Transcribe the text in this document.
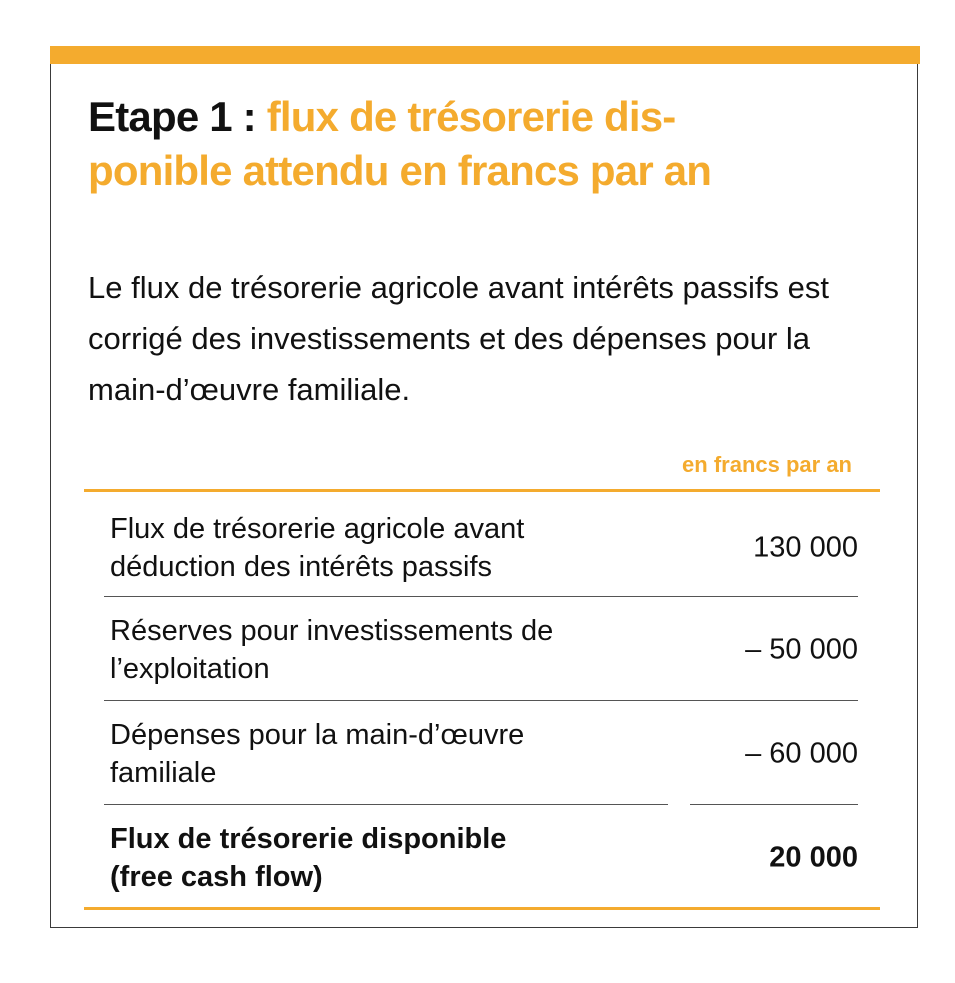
Etape 1 : flux de trésorerie dis-
ponible attendu en francs par an

Le flux de trésorerie agricole avant intérêts passifs est corrigé des investissements et des dépenses pour la main-d’œuvre familiale.

en francs par an
Flux de trésorerie agricole avant
déduction des intérêts passifs
130 000
Réserves pour investissements de
l’exploitation
– 50 000
Dépenses pour la main-d’œuvre
familiale
– 60 000
Flux de trésorerie disponible
(free cash flow)
20 000
